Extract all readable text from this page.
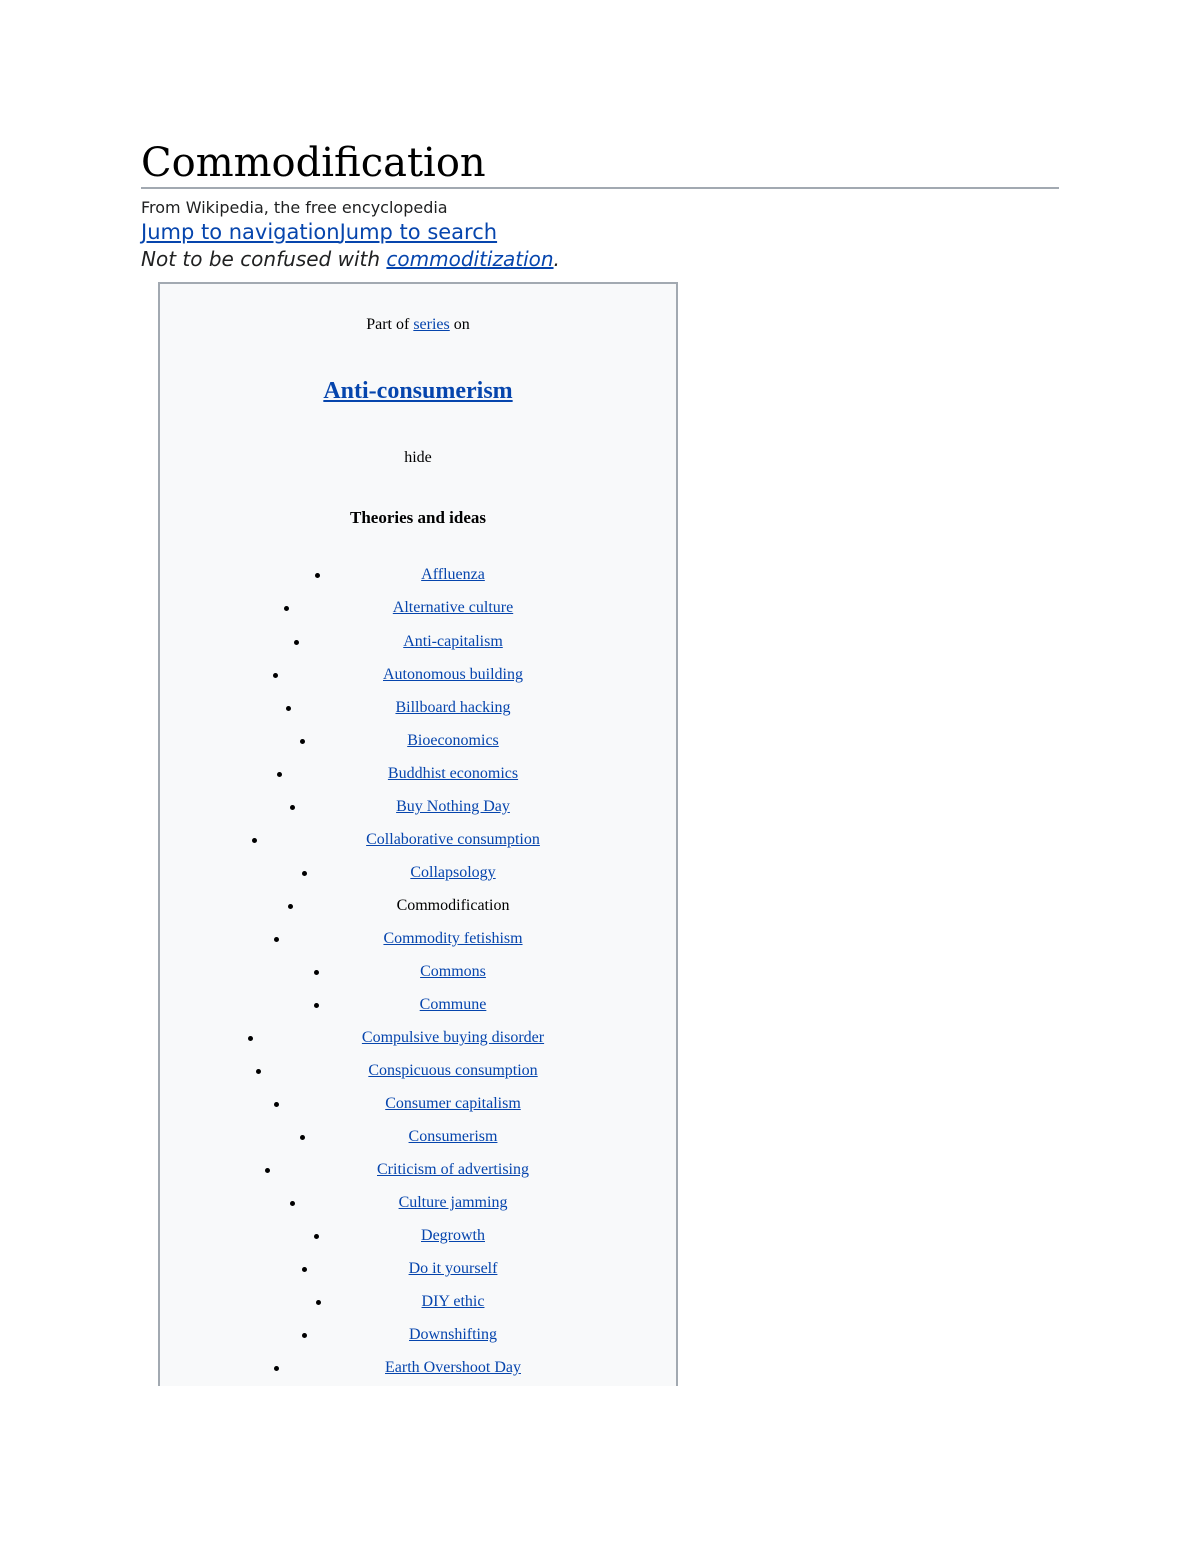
Commodification
From Wikipedia, the free encyclopedia
Jump to navigationJump to search
Not to be confused with commoditization.
Part of series on
Anti-consumerism
hide
Theories and ideas
Affluenza
Alternative culture
Anti-capitalism
Autonomous building
Billboard hacking
Bioeconomics
Buddhist economics
Buy Nothing Day
Collaborative consumption
Collapsology
Commodification
Commodity fetishism
Commons
Commune
Compulsive buying disorder
Conspicuous consumption
Consumer capitalism
Consumerism
Criticism of advertising
Culture jamming
Degrowth
Do it yourself
DIY ethic
Downshifting
Earth Overshoot Day
